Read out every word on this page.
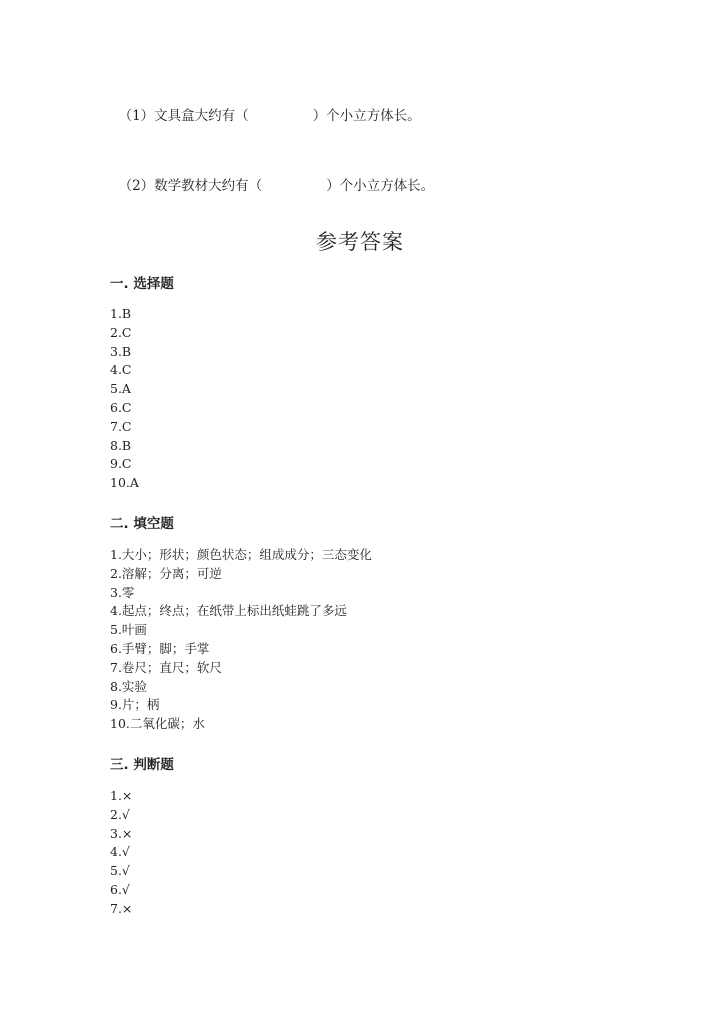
（1）文具盒大约有（	）个小立方体长。

（2）数学教材大约有（	）个小立方体长。

参考答案
一. 选择题
1.B
2.C
3.B
4.C
5.A
6.C
7.C
8.B
9.C
10.A
二. 填空题
1.大小；形状；颜色状态；组成成分；三态变化
2.溶解；分离；可逆
3.零
4.起点；终点；在纸带上标出纸蛙跳了多远
5.叶画
6.手臂；脚；手掌
7.卷尺；直尺；软尺
8.实验
9.片；柄
10.二氧化碳；水
三. 判断题
1.×
2.√
3.×
4.√
5.√
6.√
7.×
